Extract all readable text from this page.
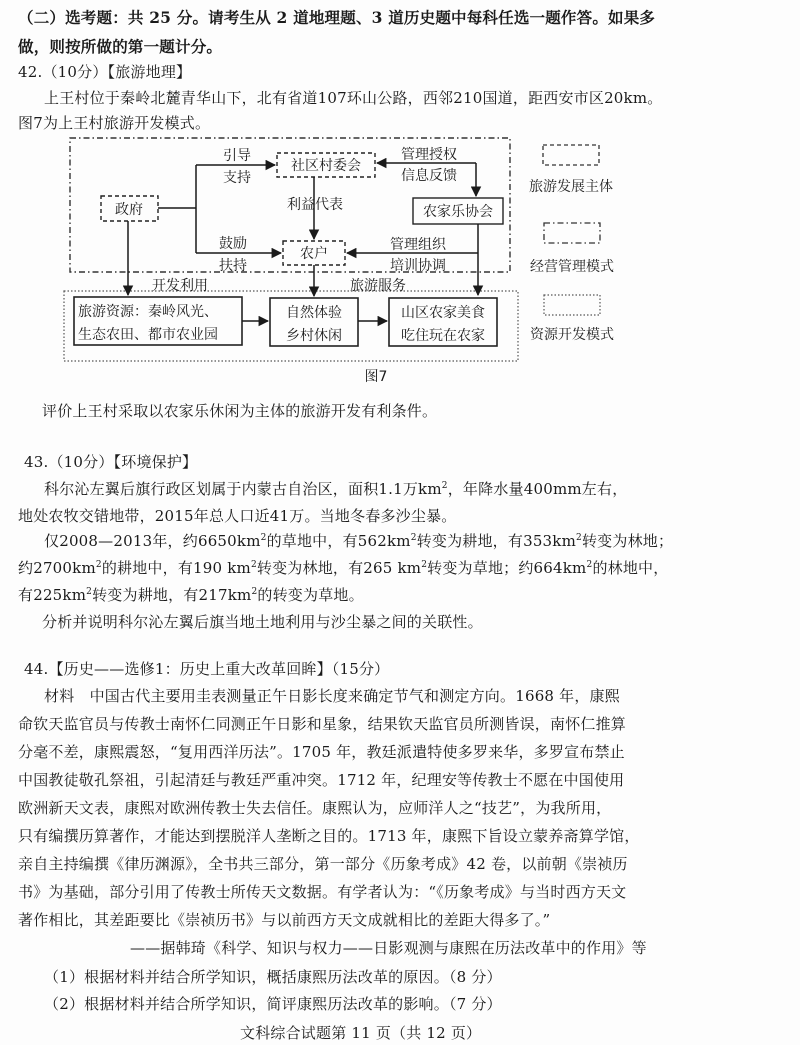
（二）选考题：共 25 分。请考生从 2 道地理题、3 道历史题中每科任选一题作答。如果多
做，则按所做的第一题计分。
42.（10分）【旅游地理】
上王村位于秦岭北麓青华山下，北有省道107环山公路，西邻210国道，距西安市区20km。
图7为上王村旅游开发模式。
政府
社区村委会
农家乐协会
农户
旅游资源：秦岭风光、
生态农田、都市农业园
自然体验
乡村休闲
山区农家美食
吃住玩在农家
引导
支持
鼓励
扶持
利益代表
管理授权
信息反馈
管理组织
培训协调
开发利用	旅游服务
图7
旅游发展主体
经营管理模式
资源开发模式
评价上王村采取以农家乐休闲为主体的旅游开发有利条件。
43.（10分）【环境保护】
科尔沁左翼后旗行政区划属于内蒙古自治区，面积1.1万$km^2$，年降水量400mm左右，
地处农牧交错地带，2015年总人口近41万。当地冬春多沙尘暴。
仅2008—2013年，约$6650km^2$的草地中，有$562km^2$转变为耕地，有$353km^2$转变为林地；
约$2700km^2$的耕地中，有190 $km^2$转变为林地，有265 $km^2$转变为草地；约$664km^2$的林地中，
有$225km^2$转变为耕地，有$217km^2$的转变为草地。
分析并说明科尔沁左翼后旗当地土地利用与沙尘暴之间的关联性。
44.【历史——选修1：历史上重大改革回眸】（15分）
材料　中国古代主要用圭表测量正午日影长度来确定节气和测定方向。1668 年，康熙
命钦天监官员与传教士南怀仁同测正午日影和星象，结果钦天监官员所测皆误，南怀仁推算
分毫不差，康熙震怒，“复用西洋历法”。1705 年，教廷派遣特使多罗来华，多罗宣布禁止
中国教徒敬孔祭祖，引起清廷与教廷严重冲突。1712 年，纪理安等传教士不愿在中国使用
欧洲新天文表，康熙对欧洲传教士失去信任。康熙认为，应师洋人之“技艺”，为我所用，
只有编撰历算著作，才能达到摆脱洋人垄断之目的。1713 年，康熙下旨设立蒙养斋算学馆，
亲自主持编撰《律历渊源》，全书共三部分，第一部分《历象考成》42 卷，以前朝《崇祯历
书》为基础，部分引用了传教士所传天文数据。有学者认为：“《历象考成》与当时西方天文
著作相比，其差距要比《崇祯历书》与以前西方天文成就相比的差距大得多了。”
——据韩琦《科学、知识与权力——日影观测与康熙在历法改革中的作用》等
（1）根据材料并结合所学知识，概括康熙历法改革的原因。（8 分）
（2）根据材料并结合所学知识，简评康熙历法改革的影响。（7 分）
文科综合试题第 11 页（共 12 页）
